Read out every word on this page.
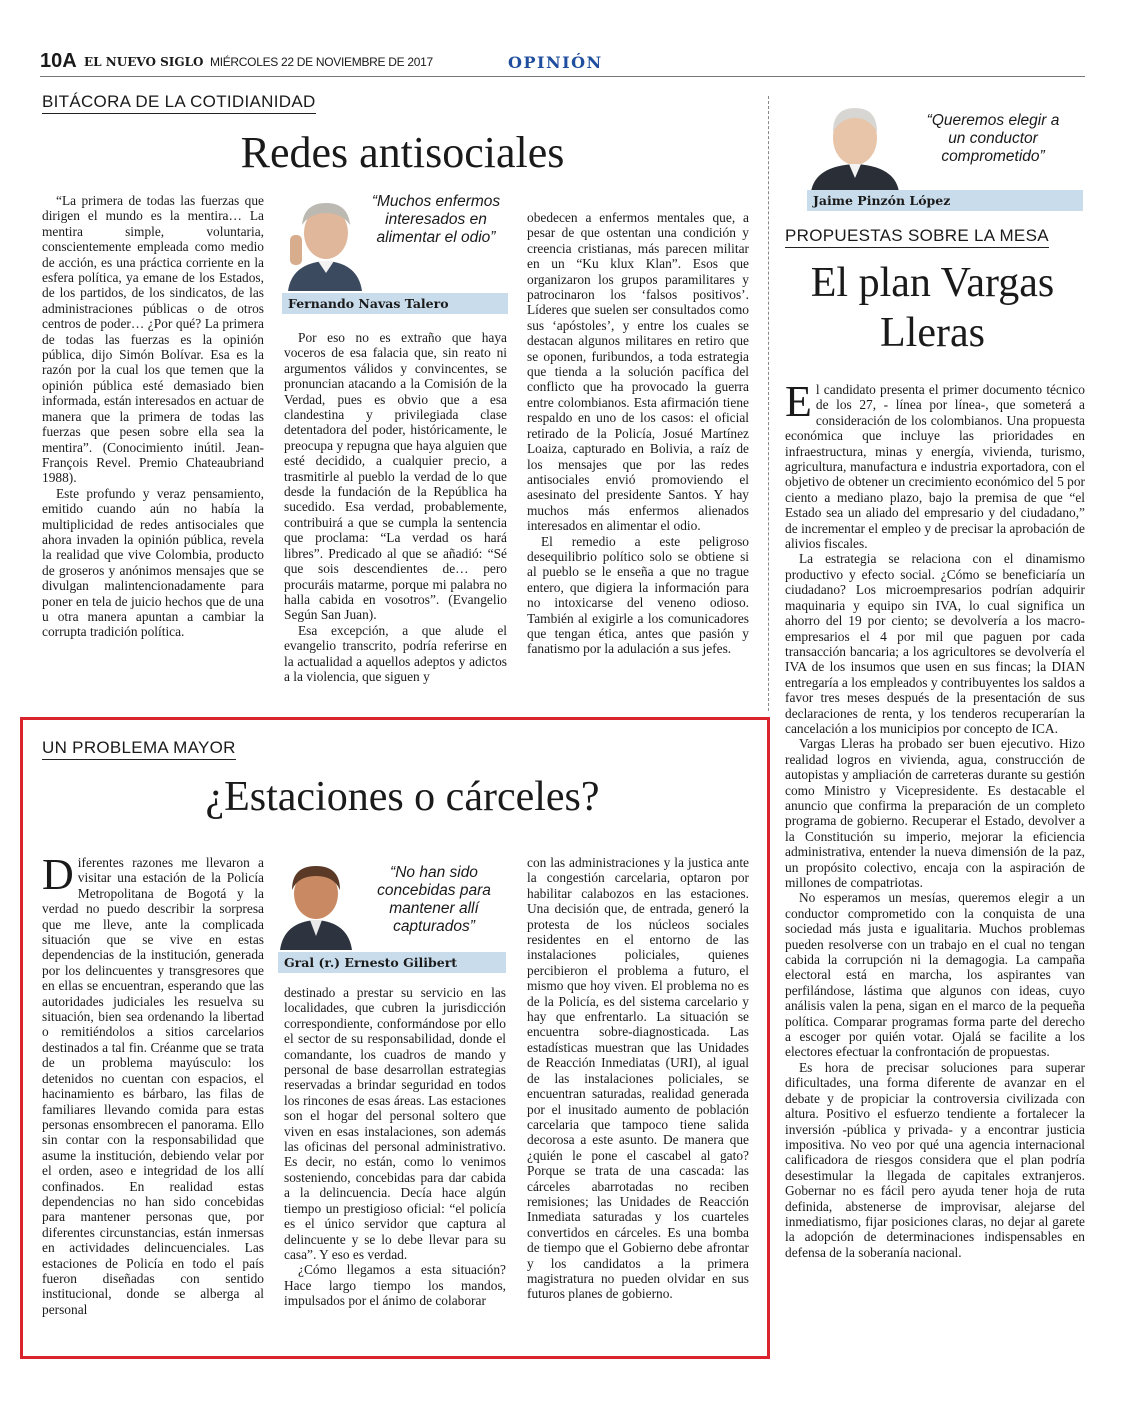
10A EL NUEVO SIGLO MIÉRCOLES 22 DE NOVIEMBRE DE 2017	OPINIÓN
BITÁCORA DE LA COTIDIANIDAD
Redes antisociales

“La primera de todas las fuerzas que dirigen el mundo es la mentira… La mentira simple, voluntaria, conscientemente empleada como medio de acción, es una práctica corriente en la esfera política, ya emane de los Estados, de los partidos, de los sindicatos, de las administraciones públicas o de otros centros de poder… ¿Por qué? La primera de todas las fuerzas es la opinión pública, dijo Simón Bolívar. Esa es la razón por la cual los que temen que la opinión pública esté demasiado bien informada, están interesados en actuar de manera que la primera de todas las fuerzas que pesen sobre ella sea la mentira”. (Conocimiento inútil. Jean-François Revel. Premio Chateaubriand 1988).

Este profundo y veraz pensamiento, emitido cuando aún no había la multiplicidad de redes antisociales que ahora invaden la opinión pública, revela la realidad que vive Colombia, producto de groseros y anónimos mensajes que se divulgan malintencionadamente para poner en tela de juicio hechos que de una u otra manera apuntan a cambiar la corrupta tradición política.

“Muchos enfermos interesados en alimentar el odio”
Fernando Navas Talero

Por eso no es extraño que haya voceros de esa falacia que, sin reato ni argumentos válidos y convincentes, se pronuncian atacando a la Comisión de la Verdad, pues es obvio que a esa clandestina y privilegiada clase detentadora del poder, históricamente, le preocupa y repugna que haya alguien que esté decidido, a cualquier precio, a trasmitirle al pueblo la verdad de lo que desde la fundación de la República ha sucedido. Esa verdad, probablemente, contribuirá a que se cumpla la sentencia que proclama: “La verdad os hará libres”. Predicado al que se añadió: “Sé que sois descendientes de… pero procuráis matarme, porque mi palabra no halla cabida en vosotros”. (Evangelio Según San Juan).

Esa excepción, a que alude el evangelio transcrito, podría referirse en la actualidad a aquellos adeptos y adictos a la violencia, que siguen y

obedecen a enfermos mentales que, a pesar de que ostentan una condición y creencia cristianas, más parecen militar en un “Ku klux Klan”. Esos que organizaron los grupos paramilitares y patrocinaron los ‘falsos positivos’. Líderes que suelen ser consultados como sus ‘apóstoles’, y entre los cuales se destacan algunos militares en retiro que se oponen, furibundos, a toda estrategia que tienda a la solución pacífica del conflicto que ha provocado la guerra entre colombianos. Esta afirmación tiene respaldo en uno de los casos: el oficial retirado de la Policía, Josué Martínez Loaiza, capturado en Bolivia, a raíz de los mensajes que por las redes antisociales envió promoviendo el asesinato del presidente Santos. Y hay muchos más enfermos alienados interesados en alimentar el odio.

El remedio a este peligroso desequilibrio político solo se obtiene si al pueblo se le enseña a que no trague entero, que digiera la información para no intoxicarse del veneno odioso. También al exigirle a los comunicadores que tengan ética, antes que pasión y fanatismo por la adulación a sus jefes.

UN PROBLEMA MAYOR
¿Estaciones o cárceles?

Diferentes razones me llevaron a visitar una estación de la Policía Metropolitana de Bogotá y la verdad no puedo describir la sorpresa que me lleve, ante la complicada situación que se vive en estas dependencias de la institución, generada por los delincuentes y transgresores que en ellas se encuentran, esperando que las autoridades judiciales les resuelva su situación, bien sea ordenando la libertad o remitiéndolos a sitios carcelarios destinados a tal fin. Créanme que se trata de un problema mayúsculo: los detenidos no cuentan con espacios, el hacinamiento es bárbaro, las filas de familiares llevando comida para estas personas ensombrecen el panorama. Ello sin contar con la responsabilidad que asume la institución, debiendo velar por el orden, aseo e integridad de los allí confinados. En realidad estas dependencias no han sido concebidas para mantener personas que, por diferentes circunstancias, están inmersas en actividades delincuenciales. Las estaciones de Policía en todo el país fueron diseñadas con sentido institucional, donde se alberga al personal

“No han sido concebidas para mantener allí capturados”
Gral (r.) Ernesto Gilibert

destinado a prestar su servicio en las localidades, que cubren la jurisdicción correspondiente, conformándose por ello el sector de su responsabilidad, donde el comandante, los cuadros de mando y personal de base desarrollan estrategias reservadas a brindar seguridad en todos los rincones de esas áreas. Las estaciones son el hogar del personal soltero que viven en esas instalaciones, son además las oficinas del personal administrativo. Es decir, no están, como lo venimos sosteniendo, concebidas para dar cabida a la delincuencia. Decía hace algún tiempo un prestigioso oficial: “el policía es el único servidor que captura al delincuente y se lo debe llevar para su casa”. Y eso es verdad.

¿Cómo llegamos a esta situación? Hace largo tiempo los mandos, impulsados por el ánimo de colaborar

con las administraciones y la justica ante la congestión carcelaria, optaron por habilitar calabozos en las estaciones. Una decisión que, de entrada, generó la protesta de los núcleos sociales residentes en el entorno de las instalaciones policiales, quienes percibieron el problema a futuro, el mismo que hoy viven. El problema no es de la Policía, es del sistema carcelario y hay que enfrentarlo. La situación se encuentra sobre-diagnosticada. Las estadísticas muestran que las Unidades de Reacción Inmediatas (URI), al igual de las instalaciones policiales, se encuentran saturadas, realidad generada por el inusitado aumento de población carcelaria que tampoco tiene salida decorosa a este asunto. De manera que ¿quién le pone el cascabel al gato? Porque se trata de una cascada: las cárceles abarrotadas no reciben remisiones; las Unidades de Reacción Inmediata saturadas y los cuarteles convertidos en cárceles. Es una bomba de tiempo que el Gobierno debe afrontar y los candidatos a la primera magistratura no pueden olvidar en sus futuros planes de gobierno.

“Queremos elegir a un conductor comprometido”
Jaime Pinzón López
PROPUESTAS SOBRE LA MESA
El plan Vargas
Lleras

El candidato presenta el primer documento técnico de los 27, - línea por línea-, que someterá a consideración de los colombianos. Una propuesta económica que incluye las prioridades en infraestructura, minas y energía, vivienda, turismo, agricultura, manufactura e industria exportadora, con el objetivo de obtener un crecimiento económico del 5 por ciento a mediano plazo, bajo la premisa de que “el Estado sea un aliado del empresario y del ciudadano,” de incrementar el empleo y de precisar la aprobación de alivios fiscales.

La estrategia se relaciona con el dinamismo productivo y efecto social. ¿Cómo se beneficiaría un ciudadano? Los microempresarios podrían adquirir maquinaria y equipo sin IVA, lo cual significa un ahorro del 19 por ciento; se devolvería a los macro-empresarios el 4 por mil que paguen por cada transacción bancaria; a los agricultores se devolvería el IVA de los insumos que usen en sus fincas; la DIAN entregaría a los empleados y contribuyentes los saldos a favor tres meses después de la presentación de sus declaraciones de renta, y los tenderos recuperarían la cancelación a los municipios por concepto de ICA.

Vargas Lleras ha probado ser buen ejecutivo. Hizo realidad logros en vivienda, agua, construcción de autopistas y ampliación de carreteras durante su gestión como Ministro y Vicepresidente. Es destacable el anuncio que confirma la preparación de un completo programa de gobierno. Recuperar el Estado, devolver a la Constitución su imperio, mejorar la eficiencia administrativa, entender la nueva dimensión de la paz, un propósito colectivo, encaja con la aspiración de millones de compatriotas.

No esperamos un mesías, queremos elegir a un conductor comprometido con la conquista de una sociedad más justa e igualitaria. Muchos problemas pueden resolverse con un trabajo en el cual no tengan cabida la corrupción ni la demagogia. La campaña electoral está en marcha, los aspirantes van perfilándose, lástima que algunos con ideas, cuyo análisis valen la pena, sigan en el marco de la pequeña política. Comparar programas forma parte del derecho a escoger por quién votar. Ojalá se facilite a los electores efectuar la confrontación de propuestas.

Es hora de precisar soluciones para superar dificultades, una forma diferente de avanzar en el debate y de propiciar la controversia civilizada con altura. Positivo el esfuerzo tendiente a fortalecer la inversión -pública y privada- y a encontrar justicia impositiva. No veo por qué una agencia internacional calificadora de riesgos considera que el plan podría desestimular la llegada de capitales extranjeros. Gobernar no es fácil pero ayuda tener hoja de ruta definida, abstenerse de improvisar, alejarse del inmediatismo, fijar posiciones claras, no dejar al garete la adopción de determinaciones indispensables en defensa de la soberanía nacional.
